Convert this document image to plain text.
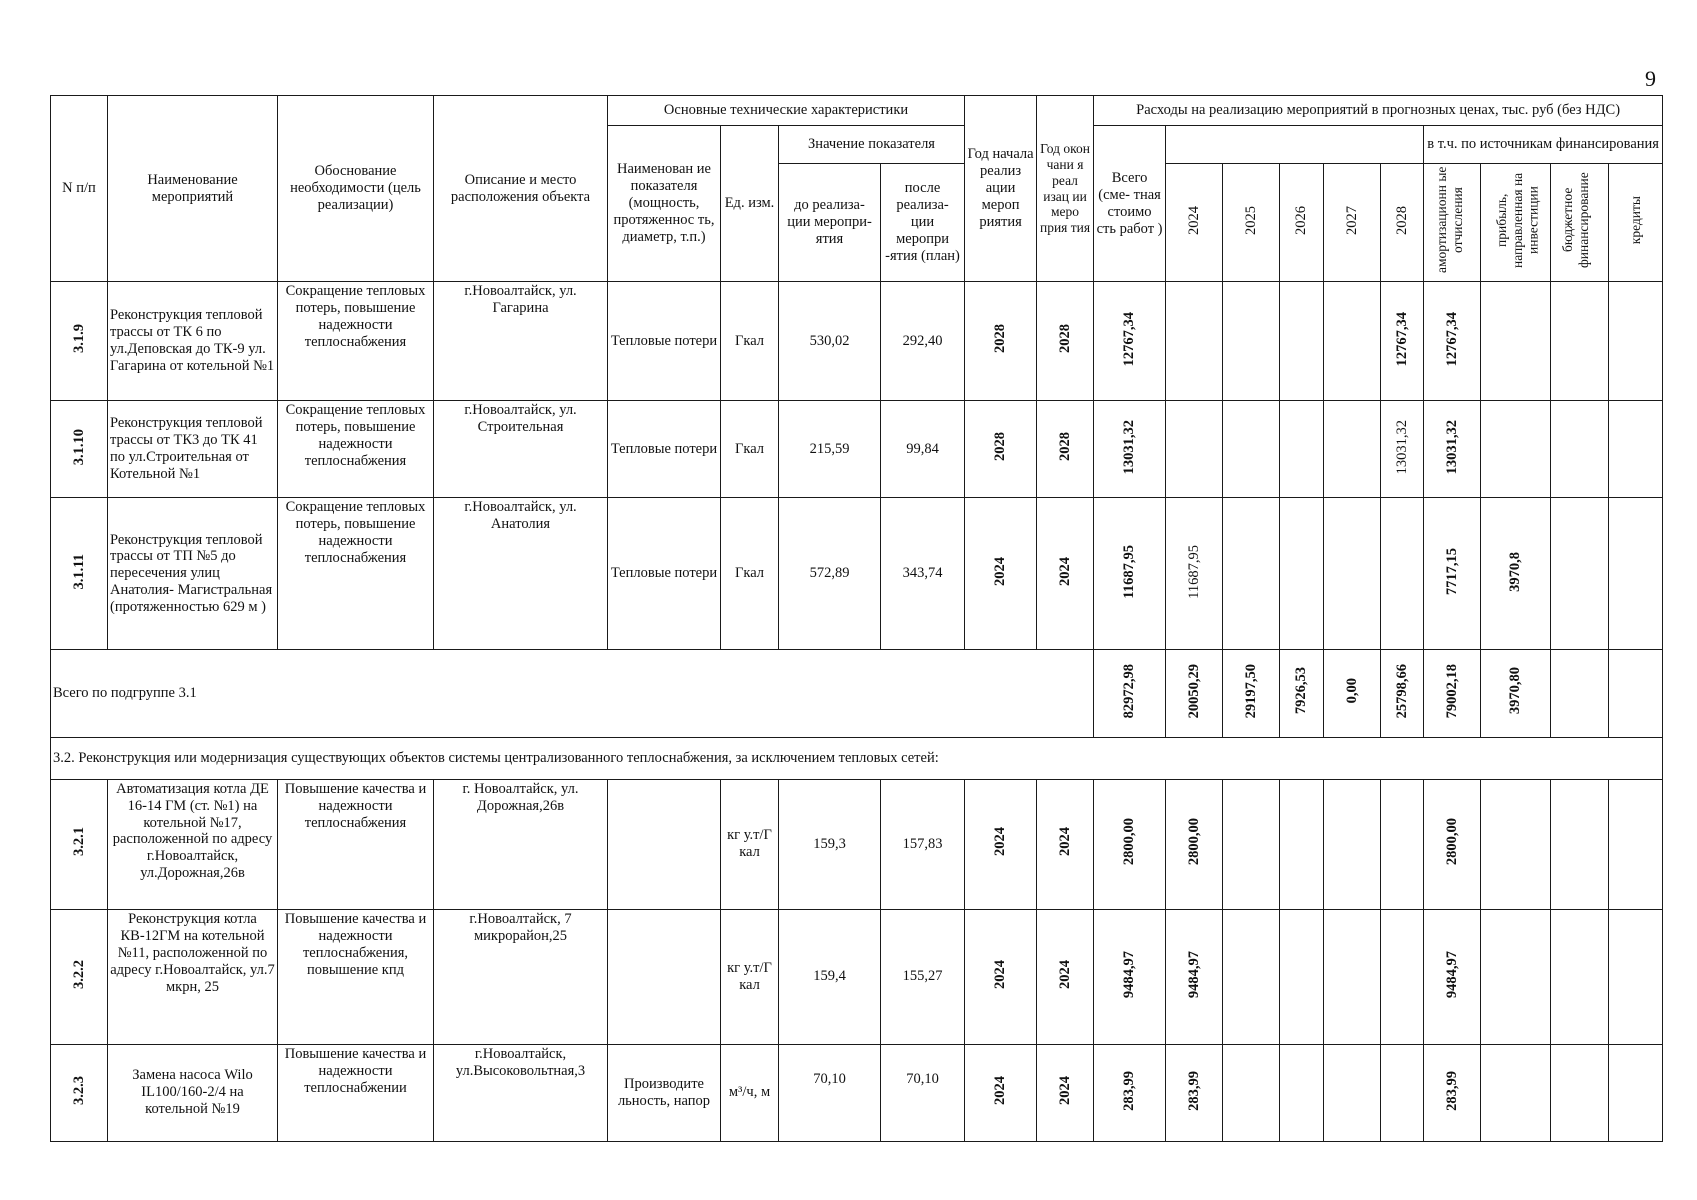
9
N п/п	Наименование мероприятий	Обоснование необходимости (цель реализации)	Описание и место расположения объекта	Основные технические характеристики				Год начала реализ ации мероп риятия	Год окон чани я реал изац ии меро прия тия	Расходы на реализацию мероприятий в прогнозных ценах, тыс. руб (без НДС)									
				Наименован ие показателя (мощность, протяженнос ть, диаметр, т.п.)	Ед. изм.	Значение показателя				Всего (сме- тная стоимо сть работ )						в т.ч. по источникам финансирования			
						до реализа- ции меропри- ятия	после реализа- ции меропри -ятия (план)				2024	2025	2026	2027	2028	амортизационн ые отчисления	прибыль, направленная на инвестиции	бюджетное финансирование	кредиты
3.1.9	Реконструкция тепловой трассы от ТК 6 по ул.Деповская до ТК-9 ул. Гагарина от котельной №1	Сокращение тепловых потерь, повышение надежности теплоснабжения	г.Новоалтайск, ул. Гагарина	Тепловые потери	Гкал	530,02	292,40	2028	2028	12767,34					12767,34	12767,34			
3.1.10	Реконструкция тепловой трассы от ТК3 до ТК 41 по ул.Строительная от Котельной №1	Сокращение тепловых потерь, повышение надежности теплоснабжения	г.Новоалтайск, ул. Строительная	Тепловые потери	Гкал	215,59	99,84	2028	2028	13031,32					13031,32	13031,32			
3.1.11	Реконструкция тепловой трассы от ТП №5 до пересечения улиц Анатолия- Магистральная (протяженностью 629 м )	Сокращение тепловых потерь, повышение надежности теплоснабжения	г.Новоалтайск, ул. Анатолия	Тепловые потери	Гкал	572,89	343,74	2024	2024	11687,95	11687,95					7717,15	3970,8		
Всего по подгруппе 3.1										82972,98	20050,29	29197,50	7926,53	0,00	25798,66	79002,18	3970,80		
3.2. Реконструкция или модернизация существующих объектов системы централизованного теплоснабжения, за исключением тепловых сетей:																			
3.2.1	Автоматизация котла ДЕ 16-14 ГМ (ст. №1) на котельной №17, расположенной по адресу г.Новоалтайск, ул.Дорожная,26в	Повышение качества и надежности теплоснабжения	г. Новоалтайск, ул. Дорожная,26в		кг у.т/Г кал	159,3	157,83	2024	2024	2800,00	2800,00					2800,00			
3.2.2	Реконструкция котла КВ-12ГМ на котельной №11, расположенной по адресу г.Новоалтайск, ул.7 мкрн, 25	Повышение качества и надежности теплоснабжения, повышение кпд	г.Новоалтайск, 7 микрорайон,25		кг у.т/Г кал	159,4	155,27	2024	2024	9484,97	9484,97					9484,97			
3.2.3	Замена насоса Wilo IL100/160-2/4 на котельной №19	Повышение качества и надежности теплоснабжении	г.Новоалтайск, ул.Высоковольтная,3	Производите льность, напор	м³/ч, м	70,10	70,10	2024	2024	283,99	283,99					283,99			
